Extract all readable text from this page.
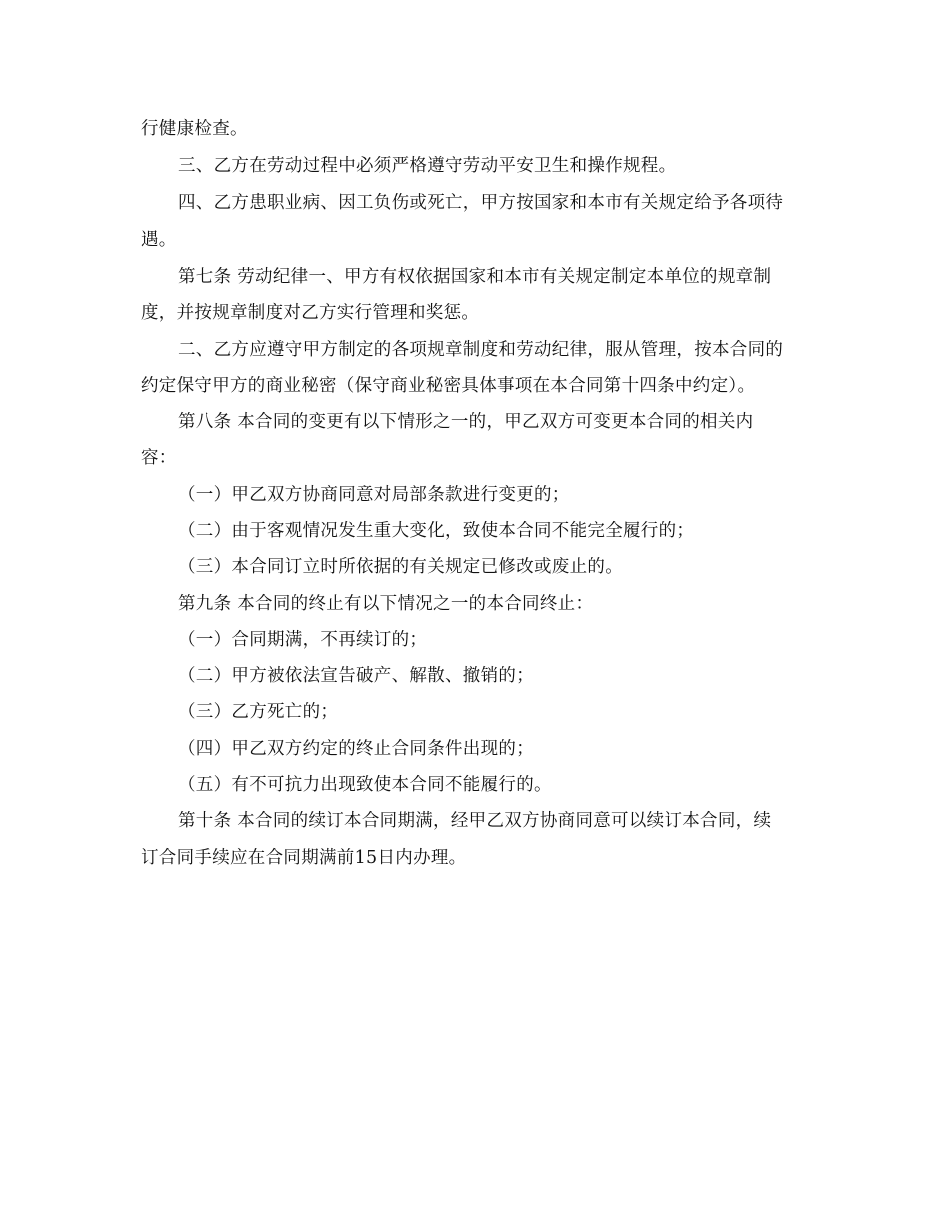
行健康检查。
三、乙方在劳动过程中必须严格遵守劳动平安卫生和操作规程。
四、乙方患职业病、因工负伤或死亡，甲方按国家和本市有关规定给予各项待
遇。
第七条 劳动纪律一、甲方有权依据国家和本市有关规定制定本单位的规章制
度，并按规章制度对乙方实行管理和奖惩。
二、乙方应遵守甲方制定的各项规章制度和劳动纪律，服从管理，按本合同的
约定保守甲方的商业秘密（保守商业秘密具体事项在本合同第十四条中约定）。
第八条 本合同的变更有以下情形之一的，甲乙双方可变更本合同的相关内
容：
（一）甲乙双方协商同意对局部条款进行变更的；
（二）由于客观情况发生重大变化，致使本合同不能完全履行的；
（三）本合同订立时所依据的有关规定已修改或废止的。
第九条 本合同的终止有以下情况之一的本合同终止：
（一）合同期满，不再续订的；
（二）甲方被依法宣告破产、解散、撤销的；
（三）乙方死亡的；
（四）甲乙双方约定的终止合同条件出现的；
（五）有不可抗力出现致使本合同不能履行的。
第十条 本合同的续订本合同期满，经甲乙双方协商同意可以续订本合同，续
订合同手续应在合同期满前15日内办理。
